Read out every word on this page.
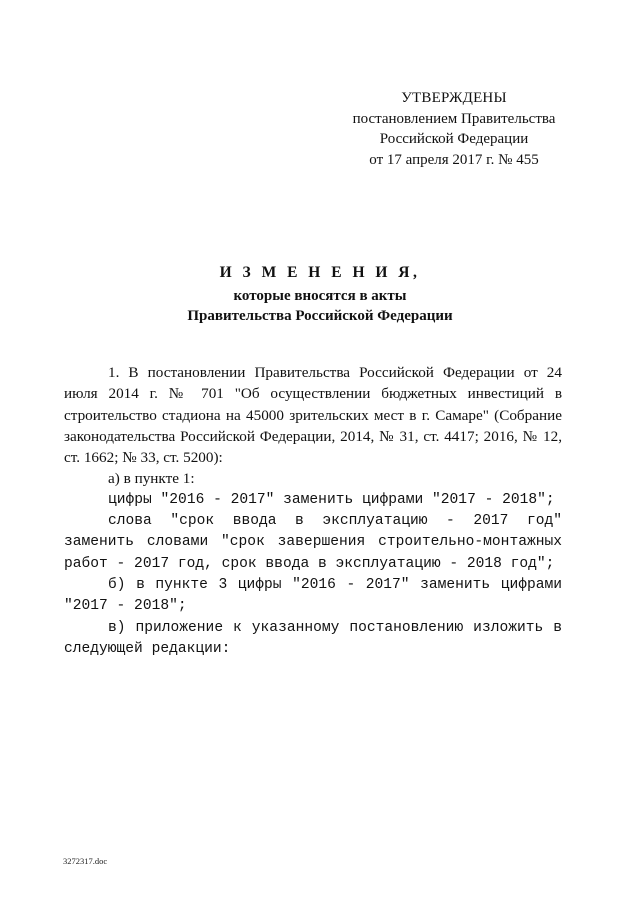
УТВЕРЖДЕНЫ
постановлением Правительства
Российской Федерации
от 17 апреля 2017 г. № 455
И З М Е Н Е Н И Я,
которые вносятся в акты
Правительства Российской Федерации

1. В постановлении Правительства Российской Федерации от 24 июля 2014 г. № 701 "Об осуществлении бюджетных инвестиций в строительство стадиона на 45000 зрительских мест в г. Самаре" (Собрание законодательства Российской Федерации, 2014, № 31, ст. 4417; 2016, № 12, ст. 1662; № 33, ст. 5200):

а) в пункте 1:

цифры "2016 - 2017" заменить цифрами "2017 - 2018";

слова "срок ввода в эксплуатацию - 2017 год" заменить словами "срок завершения строительно-монтажных работ - 2017 год, срок ввода в эксплуатацию - 2018 год";

б) в пункте 3 цифры "2016 - 2017" заменить цифрами "2017 - 2018";

в) приложение к указанному постановлению изложить в следующей редакции:

3272317.doc
